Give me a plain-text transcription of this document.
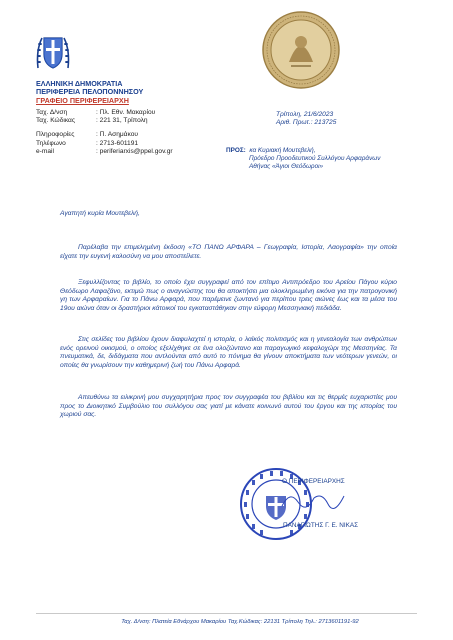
ΕΛΛΗΝΙΚΗ ΔΗΜΟΚΡΑΤΙΑ
ΠΕΡΙΦΕΡΕΙΑ ΠΕΛΟΠΟΝΝΗΣΟΥ
ΓΡΑΦΕΙΟ ΠΕΡΙΦΕΡΕΙΑΡΧΗ
Ταχ. Δ/νση	: Πλ. Εθν. Μακαρίου
Ταχ. Κώδικας	: 221 31, Τρίπολη
Πληροφορίες	: Π. Ασημάκου
Τηλέφωνο	: 2713-601191
e-mail	: periferiarxis@ppel.gov.gr
Τρίπολη, 21/6/2023
Αριθ. Πρωτ.: 213725
ΠΡΟΣ: κα Κυριακή Μουτεβελή,
Πρόεδρο Προοδευτικού Συλλόγου Αρφαράνων
Αθήνας «Άγιοι Θεόδωροι»
Αγαπητή κυρία Μουτεβελή,
Παρέλαβα την επιμελημένη έκδοση «ΤΟ ΠΑΝΩ ΑΡΦΑΡΑ – Γεωγραφία, Ιστορία, Λαογραφία» την οποία είχατε την ευγενή καλοσύνη να μου αποστείλετε.
Ξεφυλλίζοντας το βιβλίο, το οποίο έχει συγγραφεί από τον επίτιμο Αντιπρόεδρο του Αρείου Πάγου κύριο Θεόδωρο Λαφαζάνο, εκτιμώ πως ο αναγνώστης του θα αποκτήσει μια ολοκληρωμένη εικόνα για την πατρογονική γη των Αρφαραίων. Για το Πάνω Αρφαρά, που παρέμεινε ζωντανό για περίπου τρεις αιώνες έως και τα μέσα του 19ου αιώνα όταν οι δραστήριοι κάτοικοί του εγκαταστάθηκαν στην εύφορη Μεσσηνιακή πεδιάδα.
Στις σελίδες του βιβλίου έχουν διαφυλαχτεί η ιστορία, ο λαϊκός πολιτισμός και η γενεαλογία των ανθρώπων ενός ορεινού οικισμού, ο οποίος εξελίχθηκε σε ένα ολοζώντανο και παραγωγικό κεφαλοχώρι της Μεσσηνίας. Τα πνευματικά, δε, διδάγματα που αντλούνται από αυτό το πόνημα θα γίνουν αποκτήματα των νεότερων γενεών, οι οποίες θα γνωρίσουν την καθημερινή ζωή του Πάνω Αρφαρά.
Απευθύνω τα ειλικρινή μου συγχαρητήρια προς τον συγγραφέα του βιβλίου και τις θερμές ευχαριστίες μου προς το Διοικητικό Συμβούλιο του συλλόγου σας γιατί με κάνατε κοινωνό αυτού του έργου και της ιστορίας του χωριού σας.
Ο ΠΕΡΙΦΕΡΕΙΑΡΧΗΣ
ΠΑΝΑΓΙΩΤΗΣ Γ. Ε. ΝΙΚΑΣ
Ταχ. Δ/νση: Πλατεία Εθνάρχου Μακαρίου Ταχ.Κώδικας: 22131 Τρίπολη Τηλ.: 2713601191-92
